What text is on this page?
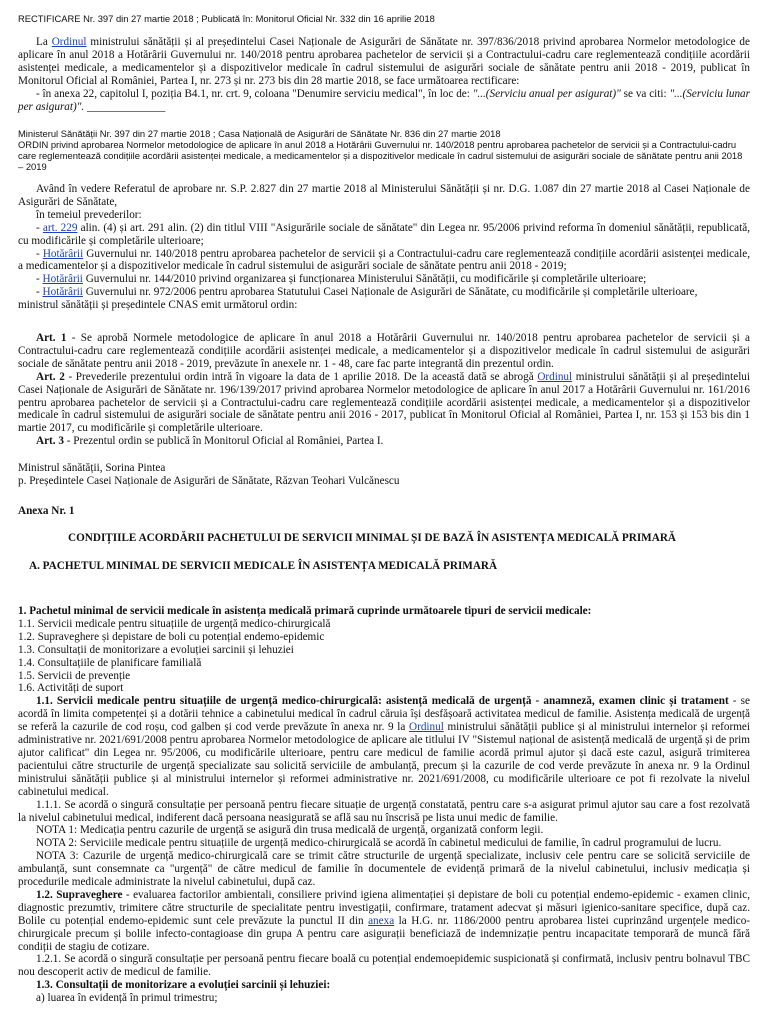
RECTIFICARE Nr. 397 din 27 martie 2018 ; Publicată în: Monitorul Oficial Nr. 332 din 16 aprilie 2018

La Ordinul ministrului sănătății și al președintelui Casei Naționale de Asigurări de Sănătate nr. 397/836/2018 privind aprobarea Normelor metodologice de aplicare în anul 2018 a Hotărârii Guvernului nr. 140/2018 pentru aprobarea pachetelor de servicii și a Contractului-cadru care reglementează condițiile acordării asistenței medicale, a medicamentelor și a dispozitivelor medicale în cadrul sistemului de asigurări sociale de sănătate pentru anii 2018 - 2019, publicat în Monitorul Oficial al României, Partea I, nr. 273 și nr. 273 bis din 28 martie 2018, se face următoarea rectificare:

- în anexa 22, capitolul I, poziția B4.1, nr. crt. 9, coloana "Denumire serviciu medical", în loc de: "...(Serviciu anual per asigurat)" se va citi: "...(Serviciu lunar per asigurat)". ______________

Ministerul Sănătății Nr. 397 din 27 martie 2018 ; Casa Națională de Asigurări de Sănătate Nr. 836 din 27 martie 2018

ORDIN privind aprobarea Normelor metodologice de aplicare în anul 2018 a Hotărârii Guvernului nr. 140/2018 pentru aprobarea pachetelor de servicii și a Contractului-cadru care reglementează condițiile acordării asistenței medicale, a medicamentelor și a dispozitivelor medicale în cadrul sistemului de asigurări sociale de sănătate pentru anii 2018 – 2019

Având în vedere Referatul de aprobare nr. S.P. 2.827 din 27 martie 2018 al Ministerului Sănătății și nr. D.G. 1.087 din 27 martie 2018 al Casei Naționale de Asigurări de Sănătate,

în temeiul prevederilor:

- art. 229 alin. (4) și art. 291 alin. (2) din titlul VIII "Asigurările sociale de sănătate" din Legea nr. 95/2006 privind reforma în domeniul sănătății, republicată, cu modificările și completările ulterioare;

- Hotărârii Guvernului nr. 140/2018 pentru aprobarea pachetelor de servicii și a Contractului-cadru care reglementează condițiile acordării asistenței medicale, a medicamentelor și a dispozitivelor medicale în cadrul sistemului de asigurări sociale de sănătate pentru anii 2018 - 2019;

- Hotărârii Guvernului nr. 144/2010 privind organizarea și funcționarea Ministerului Sănătății, cu modificările și completările ulterioare;

- Hotărârii Guvernului nr. 972/2006 pentru aprobarea Statutului Casei Naționale de Asigurări de Sănătate, cu modificările și completările ulterioare,

ministrul sănătății și președintele CNAS emit următorul ordin:

Art. 1 - Se aprobă Normele metodologice de aplicare în anul 2018 a Hotărârii Guvernului nr. 140/2018 pentru aprobarea pachetelor de servicii și a Contractului-cadru care reglementează condițiile acordării asistenței medicale, a medicamentelor și a dispozitivelor medicale în cadrul sistemului de asigurări sociale de sănătate pentru anii 2018 - 2019, prevăzute în anexele nr. 1 - 48, care fac parte integrantă din prezentul ordin.

Art. 2 - Prevederile prezentului ordin intră în vigoare la data de 1 aprilie 2018. De la această dată se abrogă Ordinul ministrului sănătății și al președintelui Casei Naționale de Asigurări de Sănătate nr. 196/139/2017 privind aprobarea Normelor metodologice de aplicare în anul 2017 a Hotărârii Guvernului nr. 161/2016 pentru aprobarea pachetelor de servicii și a Contractului-cadru care reglementează condițiile acordării asistenței medicale, a medicamentelor și a dispozitivelor medicale în cadrul sistemului de asigurări sociale de sănătate pentru anii 2016 - 2017, publicat în Monitorul Oficial al României, Partea I, nr. 153 și 153 bis din 1 martie 2017, cu modificările și completările ulterioare.

Art. 3 - Prezentul ordin se publică în Monitorul Oficial al României, Partea I.

Ministrul sănătății, Sorina Pintea

p. Președintele Casei Naționale de Asigurări de Sănătate, Răzvan Teohari Vulcănescu

Anexa Nr. 1
CONDIȚIILE ACORDĂRII PACHETULUI DE SERVICII MINIMAL ȘI DE BAZĂ ÎN ASISTENȚA MEDICALĂ PRIMARĂ
A. PACHETUL MINIMAL DE SERVICII MEDICALE ÎN ASISTENȚA MEDICALĂ PRIMARĂ

1. Pachetul minimal de servicii medicale în asistența medicală primară cuprinde următoarele tipuri de servicii medicale:

1.1. Servicii medicale pentru situațiile de urgență medico-chirurgicală
1.2. Supraveghere și depistare de boli cu potențial endemo-epidemic
1.3. Consultații de monitorizare a evoluției sarcinii și lehuziei
1.4. Consultațiile de planificare familială
1.5. Servicii de prevenție
1.6. Activități de suport

1.1. Servicii medicale pentru situațiile de urgență medico-chirurgicală: asistență medicală de urgență - anamneză, examen clinic și tratament - se acordă în limita competenței și a dotării tehnice a cabinetului medical în cadrul căruia își desfășoară activitatea medicul de familie. Asistența medicală de urgență se referă la cazurile de cod roșu, cod galben și cod verde prevăzute în anexa nr. 9 la Ordinul ministrului sănătății publice și al ministrului internelor și reformei administrative nr. 2021/691/2008 pentru aprobarea Normelor metodologice de aplicare ale titlului IV "Sistemul național de asistență medicală de urgență și de prim ajutor calificat" din Legea nr. 95/2006, cu modificările ulterioare, pentru care medicul de familie acordă primul ajutor și dacă este cazul, asigură trimiterea pacientului către structurile de urgență specializate sau solicită serviciile de ambulanță, precum și la cazurile de cod verde prevăzute în anexa nr. 9 la Ordinul ministrului sănătății publice și al ministrului internelor și reformei administrative nr. 2021/691/2008, cu modificările ulterioare ce pot fi rezolvate la nivelul cabinetului medical.

1.1.1. Se acordă o singură consultație per persoană pentru fiecare situație de urgență constatată, pentru care s-a asigurat primul ajutor sau care a fost rezolvată la nivelul cabinetului medical, indiferent dacă persoana neasigurată se află sau nu înscrisă pe lista unui medic de familie.

NOTA 1: Medicația pentru cazurile de urgență se asigură din trusa medicală de urgență, organizată conform legii.

NOTA 2: Serviciile medicale pentru situațiile de urgență medico-chirurgicală se acordă în cabinetul medicului de familie, în cadrul programului de lucru.

NOTA 3: Cazurile de urgență medico-chirurgicală care se trimit către structurile de urgență specializate, inclusiv cele pentru care se solicită serviciile de ambulanță, sunt consemnate ca "urgență" de către medicul de familie în documentele de evidență primară de la nivelul cabinetului, inclusiv medicația și procedurile medicale administrate la nivelul cabinetului, după caz.

1.2. Supraveghere - evaluarea factorilor ambientali, consiliere privind igiena alimentației și depistare de boli cu potențial endemo-epidemic - examen clinic, diagnostic prezumtiv, trimitere către structurile de specialitate pentru investigații, confirmare, tratament adecvat și măsuri igienico-sanitare specifice, după caz. Bolile cu potențial endemo-epidemic sunt cele prevăzute la punctul II din anexa la H.G. nr. 1186/2000 pentru aprobarea listei cuprinzând urgențele medico-chirurgicale precum și bolile infecto-contagioase din grupa A pentru care asigurații beneficiază de indemnizație pentru incapacitate temporară de muncă fără condiții de stagiu de cotizare.

1.2.1. Se acordă o singură consultație per persoană pentru fiecare boală cu potențial endemoepidemic suspicionată și confirmată, inclusiv pentru bolnavul TBC nou descoperit activ de medicul de familie.

1.3. Consultații de monitorizare a evoluției sarcinii și lehuziei:

a) luarea în evidență în primul trimestru;
